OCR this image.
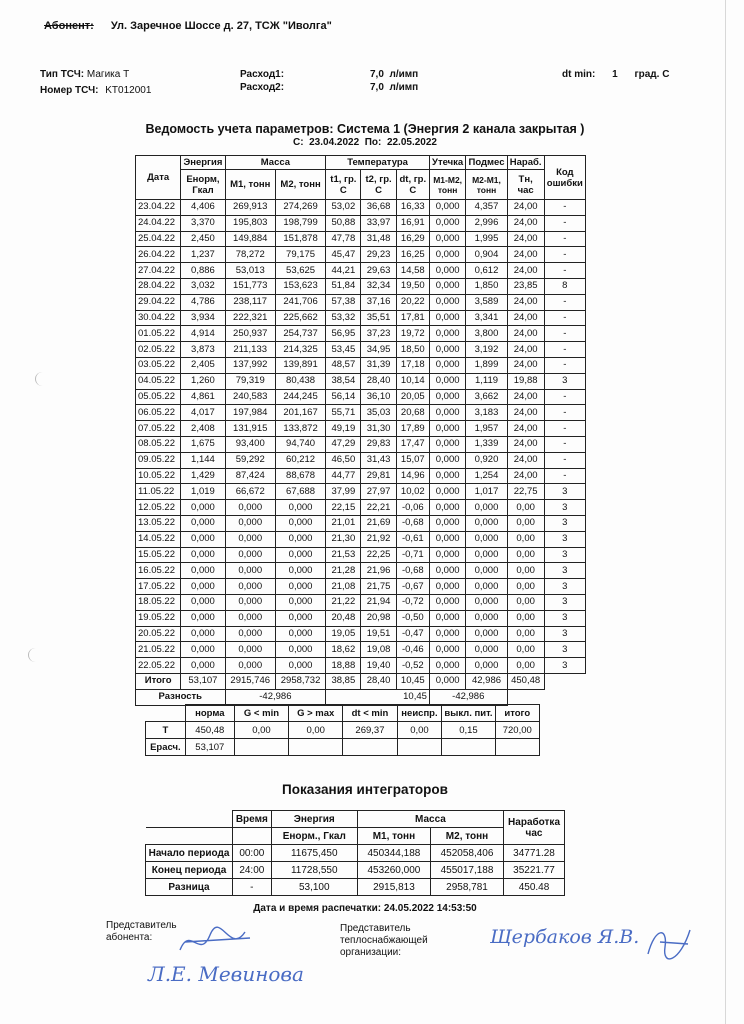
Абонент: Ул. Заречное Шоссе д. 27, ТСЖ "Иволга"
Тип ТСЧ: Магика Т
Номер ТСЧ: KT012001
Расход1:	7,0 л/имп
Расход2:	7,0 л/имп
dt min: 1 град. С
Ведомость учета параметров: Система 1 (Энергия 2 канала закрытая )
С: 23.04.2022 По: 22.05.2022
Дата	Энергия	Масса		Температура			Утечка	Подмес	Нараб.	Код ошибки
	Енорм, Гкал	М1, тонн	М2, тонн	t1, гр. С	t2, гр. С	dt, гр. С	М1-М2, тонн	М2-М1, тонн	Тн, час	
23.04.22	4,406	269,913	274,269	53,02	36,68	16,33	0,000	4,357	24,00	-
24.04.22	3,370	195,803	198,799	50,88	33,97	16,91	0,000	2,996	24,00	-
25.04.22	2,450	149,884	151,878	47,78	31,48	16,29	0,000	1,995	24,00	-
26.04.22	1,237	78,272	79,175	45,47	29,23	16,25	0,000	0,904	24,00	-
27.04.22	0,886	53,013	53,625	44,21	29,63	14,58	0,000	0,612	24,00	-
28.04.22	3,032	151,773	153,623	51,84	32,34	19,50	0,000	1,850	23,85	8
29.04.22	4,786	238,117	241,706	57,38	37,16	20,22	0,000	3,589	24,00	-
30.04.22	3,934	222,321	225,662	53,32	35,51	17,81	0,000	3,341	24,00	-
01.05.22	4,914	250,937	254,737	56,95	37,23	19,72	0,000	3,800	24,00	-
02.05.22	3,873	211,133	214,325	53,45	34,95	18,50	0,000	3,192	24,00	-
03.05.22	2,405	137,992	139,891	48,57	31,39	17,18	0,000	1,899	24,00	-
04.05.22	1,260	79,319	80,438	38,54	28,40	10,14	0,000	1,119	19,88	3
05.05.22	4,861	240,583	244,245	56,14	36,10	20,05	0,000	3,662	24,00	-
06.05.22	4,017	197,984	201,167	55,71	35,03	20,68	0,000	3,183	24,00	-
07.05.22	2,408	131,915	133,872	49,19	31,30	17,89	0,000	1,957	24,00	-
08.05.22	1,675	93,400	94,740	47,29	29,83	17,47	0,000	1,339	24,00	-
09.05.22	1,144	59,292	60,212	46,50	31,43	15,07	0,000	0,920	24,00	-
10.05.22	1,429	87,424	88,678	44,77	29,81	14,96	0,000	1,254	24,00	-
11.05.22	1,019	66,672	67,688	37,99	27,97	10,02	0,000	1,017	22,75	3
12.05.22	0,000	0,000	0,000	22,15	22,21	-0,06	0,000	0,000	0,00	3
13.05.22	0,000	0,000	0,000	21,01	21,69	-0,68	0,000	0,000	0,00	3
14.05.22	0,000	0,000	0,000	21,30	21,92	-0,61	0,000	0,000	0,00	3
15.05.22	0,000	0,000	0,000	21,53	22,25	-0,71	0,000	0,000	0,00	3
16.05.22	0,000	0,000	0,000	21,28	21,96	-0,68	0,000	0,000	0,00	3
17.05.22	0,000	0,000	0,000	21,08	21,75	-0,67	0,000	0,000	0,00	3
18.05.22	0,000	0,000	0,000	21,22	21,94	-0,72	0,000	0,000	0,00	3
19.05.22	0,000	0,000	0,000	20,48	20,98	-0,50	0,000	0,000	0,00	3
20.05.22	0,000	0,000	0,000	19,05	19,51	-0,47	0,000	0,000	0,00	3
21.05.22	0,000	0,000	0,000	18,62	19,08	-0,46	0,000	0,000	0,00	3
22.05.22	0,000	0,000	0,000	18,88	19,40	-0,52	0,000	0,000	0,00	3
Итого	53,107	2915,746	2958,732	38,85	28,40	10,45	0,000	42,986	450,48	
Разность		-42,986		10,45			-42,986			
	норма	G < min	G > max	dt < min	неиспр.	выкл. пит.	итого
Т	450,48	0,00	0,00	269,37	0,00	0,15	720,00
Ерасч.	53,107						
Показания интеграторов
	Время	Энергия	Масса		Наработка
час
		Енорм., Гкал	М1, тонн	М2, тонн	
Начало периода	00:00	11675,450	450344,188	452058,406	34771.28
Конец периода	24:00	11728,550	453260,000	455017,188	35221.77
Разница	-	53,100	2915,813	2958,781	450.48
Дата и время распечатки: 24.05.2022 14:53:50
Представитель абонента:
Представитель теплоснабжающей организации:
Л.Е. Мевинова
Щербаков Я.В.
